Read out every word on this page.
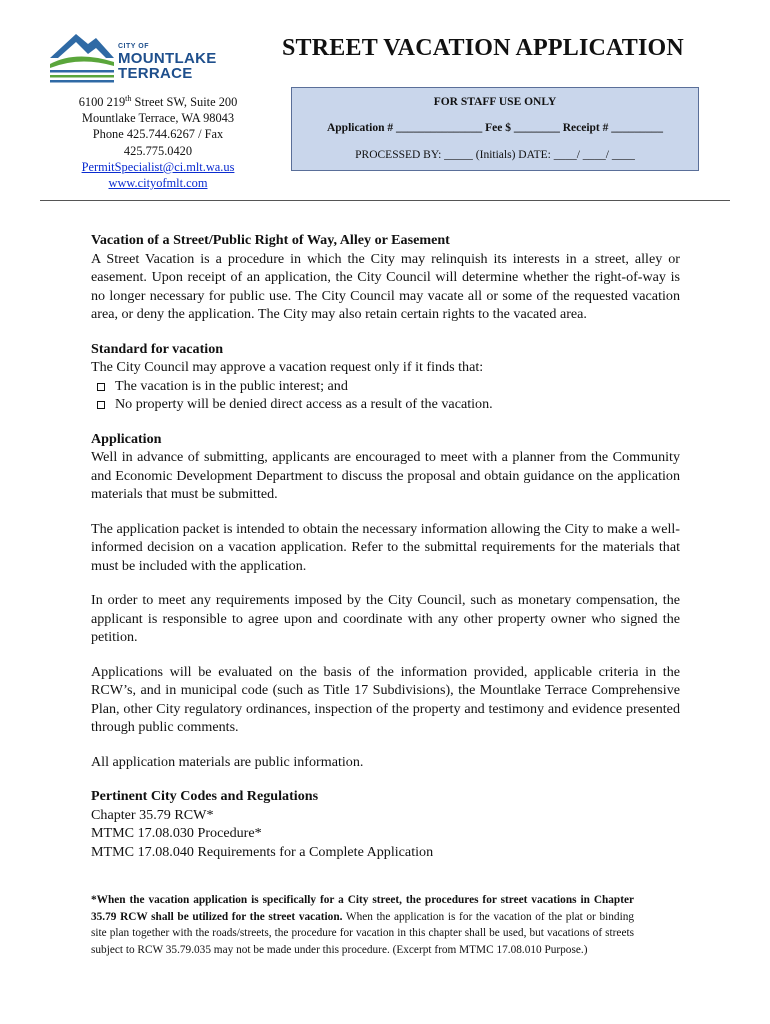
CITY OF
MOUNTLAKE
TERRACE
STREET VACATION APPLICATION
6100 219th Street SW, Suite 200
Mountlake Terrace, WA 98043
Phone 425.744.6267 / Fax
425.775.0420
PermitSpecialist@ci.mlt.wa.us
www.cityofmlt.com
FOR STAFF USE ONLY
Application # _______________ Fee $ ________ Receipt # _________
PROCESSED BY: _____ (Initials) DATE: ____/ ____/ ____

Vacation of a Street/Public Right of Way, Alley or Easement

A Street Vacation is a procedure in which the City may relinquish its interests in a street, alley or easement. Upon receipt of an application, the City Council will determine whether the right-of-way is no longer necessary for public use. The City Council may vacate all or some of the requested vacation area, or deny the application. The City may also retain certain rights to the vacated area.

Standard for vacation

The City Council may approve a vacation request only if it finds that:

The vacation is in the public interest; and
No property will be denied direct access as a result of the vacation.

Application

Well in advance of submitting, applicants are encouraged to meet with a planner from the Community and Economic Development Department to discuss the proposal and obtain guidance on the application materials that must be submitted.

The application packet is intended to obtain the necessary information allowing the City to make a well-informed decision on a vacation application. Refer to the submittal requirements for the materials that must be included with the application.

In order to meet any requirements imposed by the City Council, such as monetary compensation, the applicant is responsible to agree upon and coordinate with any other property owner who signed the petition.

Applications will be evaluated on the basis of the information provided, applicable criteria in the RCW’s, and in municipal code (such as Title 17 Subdivisions), the Mountlake Terrace Comprehensive Plan, other City regulatory ordinances, inspection of the property and testimony and evidence presented through public comments.

All application materials are public information.

Pertinent City Codes and Regulations

Chapter 35.79 RCW*

MTMC 17.08.030 Procedure*

MTMC 17.08.040 Requirements for a Complete Application

*When the vacation application is specifically for a City street, the procedures for street vacations in Chapter 35.79 RCW shall be utilized for the street vacation. When the application is for the vacation of the plat or binding site plan together with the roads/streets, the procedure for vacation in this chapter shall be used, but vacations of streets subject to RCW 35.79.035 may not be made under this procedure. (Excerpt from MTMC 17.08.010 Purpose.)
